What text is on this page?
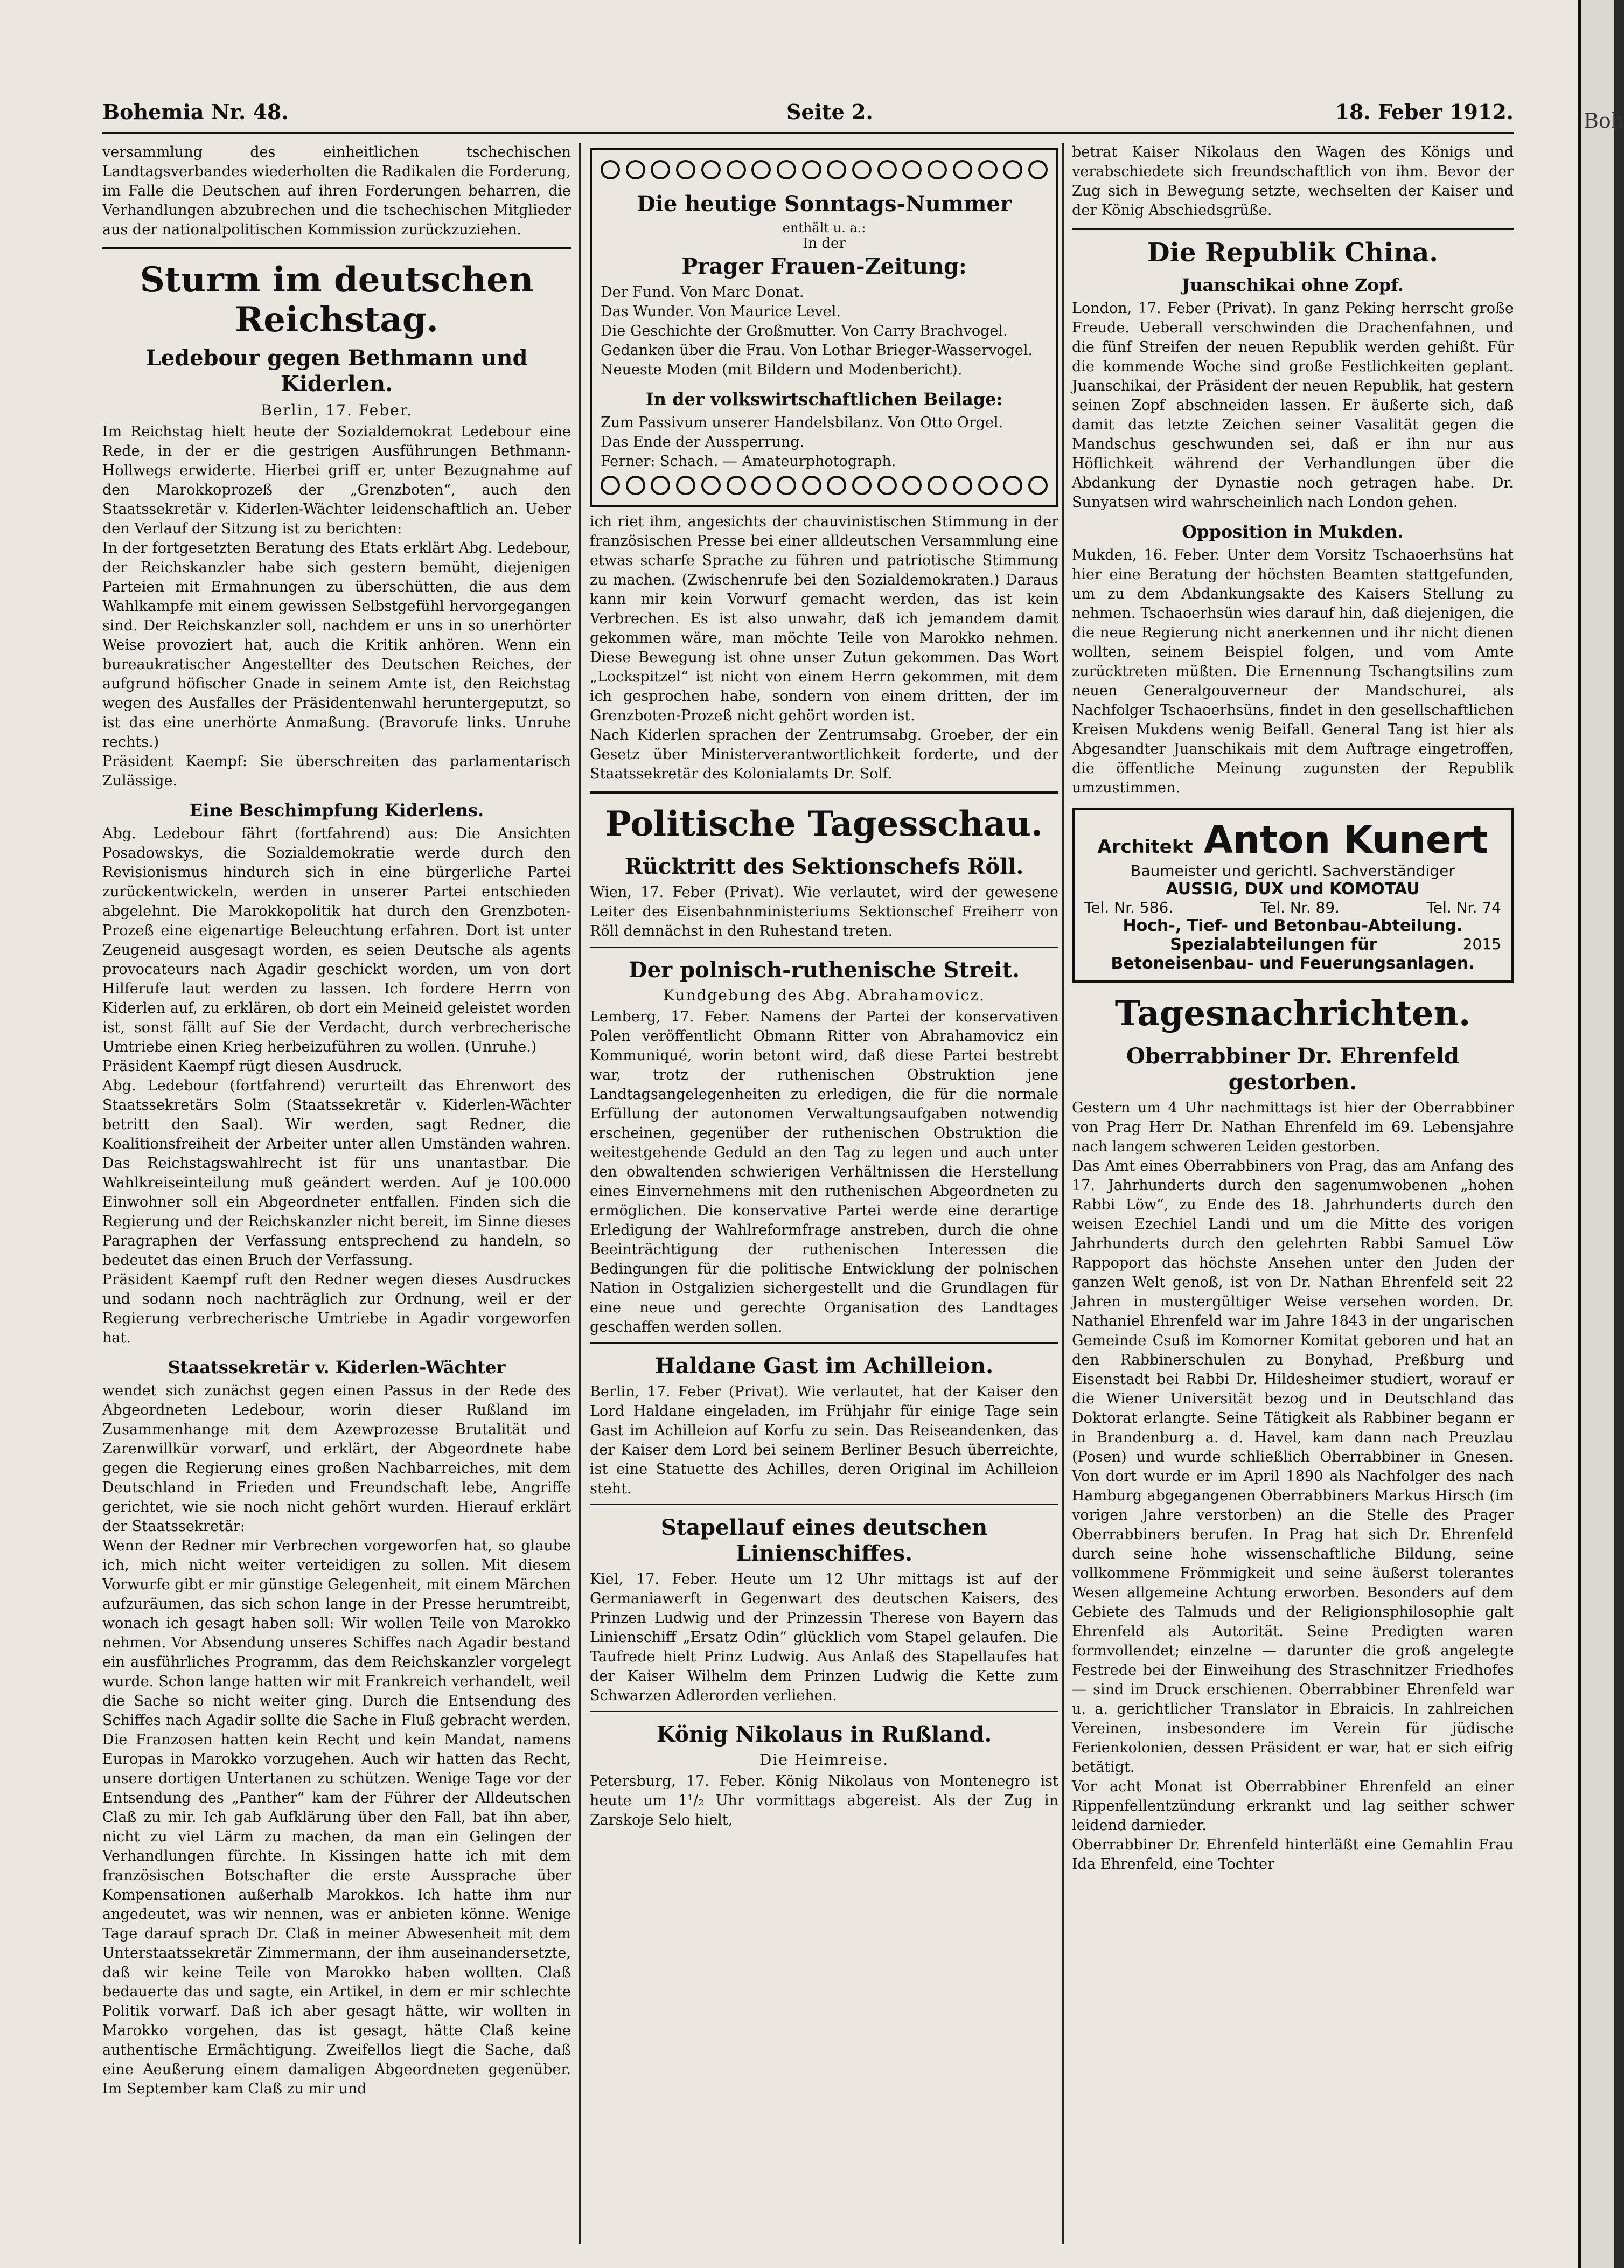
Bohemia Nr. 48.	Seite 2.	18. Feber 1912.

versammlung des einheitlichen tschechischen Landtagsverbandes wiederholten die Radikalen die Forderung, im Falle die Deutschen auf ihren Forderungen beharren, die Verhandlungen abzubrechen und die tschechischen Mitglieder aus der nationalpolitischen Kommission zurückzuziehen.

Sturm im deutschen Reichstag.
Ledebour gegen Bethmann und Kiderlen.
Berlin, 17. Feber.

Im Reichstag hielt heute der Sozialdemokrat Ledebour eine Rede, in der er die gestrigen Ausführungen Bethmann-Hollwegs erwiderte. Hierbei griff er, unter Bezugnahme auf den Marokkoprozeß der „Grenzboten“, auch den Staatssekretär v. Kiderlen-Wächter leidenschaftlich an. Ueber den Verlauf der Sitzung ist zu berichten:

In der fortgesetzten Beratung des Etats erklärt Abg. Ledebour, der Reichskanzler habe sich gestern bemüht, diejenigen Parteien mit Ermahnungen zu überschütten, die aus dem Wahlkampfe mit einem gewissen Selbstgefühl hervorgegangen sind. Der Reichskanzler soll, nachdem er uns in so unerhörter Weise provoziert hat, auch die Kritik anhören. Wenn ein bureaukratischer Angestellter des Deutschen Reiches, der aufgrund höfischer Gnade in seinem Amte ist, den Reichstag wegen des Ausfalles der Präsidentenwahl heruntergeputzt, so ist das eine unerhörte Anmaßung. (Bravorufe links. Unruhe rechts.)

Präsident Kaempf: Sie überschreiten das parlamentarisch Zulässige.

Eine Beschimpfung Kiderlens.

Abg. Ledebour fährt (fortfahrend) aus: Die Ansichten Posadowskys, die Sozialdemokratie werde durch den Revisionismus hindurch sich in eine bürgerliche Partei zurückentwickeln, werden in unserer Partei entschieden abgelehnt. Die Marokkopolitik hat durch den Grenzboten-Prozeß eine eigenartige Beleuchtung erfahren. Dort ist unter Zeugeneid ausgesagt worden, es seien Deutsche als agents provocateurs nach Agadir geschickt worden, um von dort Hilferufe laut werden zu lassen. Ich fordere Herrn von Kiderlen auf, zu erklären, ob dort ein Meineid geleistet worden ist, sonst fällt auf Sie der Verdacht, durch verbrecherische Umtriebe einen Krieg herbeizuführen zu wollen. (Unruhe.)

Präsident Kaempf rügt diesen Ausdruck.

Abg. Ledebour (fortfahrend) verurteilt das Ehrenwort des Staatssekretärs Solm (Staatssekretär v. Kiderlen-Wächter betritt den Saal). Wir werden, sagt Redner, die Koalitionsfreiheit der Arbeiter unter allen Umständen wahren. Das Reichstagswahlrecht ist für uns unantastbar. Die Wahlkreiseinteilung muß geändert werden. Auf je 100.000 Einwohner soll ein Abgeordneter entfallen. Finden sich die Regierung und der Reichskanzler nicht bereit, im Sinne dieses Paragraphen der Verfassung entsprechend zu handeln, so bedeutet das einen Bruch der Verfassung.

Präsident Kaempf ruft den Redner wegen dieses Ausdruckes und sodann noch nachträglich zur Ordnung, weil er der Regierung verbrecherische Umtriebe in Agadir vorgeworfen hat.

Staatssekretär v. Kiderlen-Wächter

wendet sich zunächst gegen einen Passus in der Rede des Abgeordneten Ledebour, worin dieser Rußland im Zusammenhange mit dem Azewprozesse Brutalität und Zarenwillkür vorwarf, und erklärt, der Abgeordnete habe gegen die Regierung eines großen Nachbarreiches, mit dem Deutschland in Frieden und Freundschaft lebe, Angriffe gerichtet, wie sie noch nicht gehört wurden. Hierauf erklärt der Staatssekretär:

Wenn der Redner mir Verbrechen vorgeworfen hat, so glaube ich, mich nicht weiter verteidigen zu sollen. Mit diesem Vorwurfe gibt er mir günstige Gelegenheit, mit einem Märchen aufzuräumen, das sich schon lange in der Presse herumtreibt, wonach ich gesagt haben soll: Wir wollen Teile von Marokko nehmen. Vor Absendung unseres Schiffes nach Agadir bestand ein ausführliches Programm, das dem Reichskanzler vorgelegt wurde. Schon lange hatten wir mit Frankreich verhandelt, weil die Sache so nicht weiter ging. Durch die Entsendung des Schiffes nach Agadir sollte die Sache in Fluß gebracht werden. Die Franzosen hatten kein Recht und kein Mandat, namens Europas in Marokko vorzugehen. Auch wir hatten das Recht, unsere dortigen Untertanen zu schützen. Wenige Tage vor der Entsendung des „Panther“ kam der Führer der Alldeutschen Claß zu mir. Ich gab Aufklärung über den Fall, bat ihn aber, nicht zu viel Lärm zu machen, da man ein Gelingen der Verhandlungen fürchte. In Kissingen hatte ich mit dem französischen Botschafter die erste Aussprache über Kompensationen außerhalb Marokkos. Ich hatte ihm nur angedeutet, was wir nennen, was er anbieten könne. Wenige Tage darauf sprach Dr. Claß in meiner Abwesenheit mit dem Unterstaatssekretär Zimmermann, der ihm auseinandersetzte, daß wir keine Teile von Marokko haben wollten. Claß bedauerte das und sagte, ein Artikel, in dem er mir schlechte Politik vorwarf. Daß ich aber gesagt hätte, wir wollten in Marokko vorgehen, das ist gesagt, hätte Claß keine authentische Ermächtigung. Zweifellos liegt die Sache, daß eine Aeußerung einem damaligen Abgeordneten gegenüber. Im September kam Claß zu mir und

Die heutige Sonntags-Nummer
enthält u. a.:
In der
Prager Frauen-Zeitung:

Der Fund. Von Marc Donat.

Das Wunder. Von Maurice Level.

Die Geschichte der Großmutter. Von Carry Brachvogel.

Gedanken über die Frau. Von Lothar Brieger-Wasservogel.

Neueste Moden (mit Bildern und Modenbericht).

In der volkswirtschaftlichen Beilage:

Zum Passivum unserer Handelsbilanz. Von Otto Orgel.

Das Ende der Aussperrung.

Ferner: Schach. — Amateurphotograph.

ich riet ihm, angesichts der chauvinistischen Stimmung in der französischen Presse bei einer alldeutschen Versammlung eine etwas scharfe Sprache zu führen und patriotische Stimmung zu machen. (Zwischenrufe bei den Sozialdemokraten.) Daraus kann mir kein Vorwurf gemacht werden, das ist kein Verbrechen. Es ist also unwahr, daß ich jemandem damit gekommen wäre, man möchte Teile von Marokko nehmen. Diese Bewegung ist ohne unser Zutun gekommen. Das Wort „Lockspitzel“ ist nicht von einem Herrn gekommen, mit dem ich gesprochen habe, sondern von einem dritten, der im Grenzboten-Prozeß nicht gehört worden ist.

Nach Kiderlen sprachen der Zentrumsabg. Groeber, der ein Gesetz über Ministerverantwortlichkeit forderte, und der Staatssekretär des Kolonialamts Dr. Solf.

Politische Tagesschau.
Rücktritt des Sektionschefs Röll.

Wien, 17. Feber (Privat). Wie verlautet, wird der gewesene Leiter des Eisenbahnministeriums Sektionschef Freiherr von Röll demnächst in den Ruhestand treten.

Der polnisch-ruthenische Streit.
Kundgebung des Abg. Abrahamovicz.

Lemberg, 17. Feber. Namens der Partei der konservativen Polen veröffentlicht Obmann Ritter von Abrahamovicz ein Kommuniqué, worin betont wird, daß diese Partei bestrebt war, trotz der ruthenischen Obstruktion jene Landtagsangelegenheiten zu erledigen, die für die normale Erfüllung der autonomen Verwaltungsaufgaben notwendig erscheinen, gegenüber der ruthenischen Obstruktion die weitestgehende Geduld an den Tag zu legen und auch unter den obwaltenden schwierigen Verhältnissen die Herstellung eines Einvernehmens mit den ruthenischen Abgeordneten zu ermöglichen. Die konservative Partei werde eine derartige Erledigung der Wahlreformfrage anstreben, durch die ohne Beeinträchtigung der ruthenischen Interessen die Bedingungen für die politische Entwicklung der polnischen Nation in Ostgalizien sichergestellt und die Grundlagen für eine neue und gerechte Organisation des Landtages geschaffen werden sollen.

Haldane Gast im Achilleion.

Berlin, 17. Feber (Privat). Wie verlautet, hat der Kaiser den Lord Haldane eingeladen, im Frühjahr für einige Tage sein Gast im Achilleion auf Korfu zu sein. Das Reiseandenken, das der Kaiser dem Lord bei seinem Berliner Besuch überreichte, ist eine Statuette des Achilles, deren Original im Achilleion steht.

Stapellauf eines deutschen Linienschiffes.

Kiel, 17. Feber. Heute um 12 Uhr mittags ist auf der Germaniawerft in Gegenwart des deutschen Kaisers, des Prinzen Ludwig und der Prinzessin Therese von Bayern das Linienschiff „Ersatz Odin“ glücklich vom Stapel gelaufen. Die Taufrede hielt Prinz Ludwig. Aus Anlaß des Stapellaufes hat der Kaiser Wilhelm dem Prinzen Ludwig die Kette zum Schwarzen Adlerorden verliehen.

König Nikolaus in Rußland.
Die Heimreise.

Petersburg, 17. Feber. König Nikolaus von Montenegro ist heute um 1¹/₂ Uhr vormittags abgereist. Als der Zug in Zarskoje Selo hielt,

betrat Kaiser Nikolaus den Wagen des Königs und verabschiedete sich freundschaftlich von ihm. Bevor der Zug sich in Bewegung setzte, wechselten der Kaiser und der König Abschiedsgrüße.

Die Republik China.
Juanschikai ohne Zopf.

London, 17. Feber (Privat). In ganz Peking herrscht große Freude. Ueberall verschwinden die Drachenfahnen, und die fünf Streifen der neuen Republik werden gehißt. Für die kommende Woche sind große Festlichkeiten geplant. Juanschikai, der Präsident der neuen Republik, hat gestern seinen Zopf abschneiden lassen. Er äußerte sich, daß damit das letzte Zeichen seiner Vasalität gegen die Mandschus geschwunden sei, daß er ihn nur aus Höflichkeit während der Verhandlungen über die Abdankung der Dynastie noch getragen habe. Dr. Sunyatsen wird wahrscheinlich nach London gehen.

Opposition in Mukden.

Mukden, 16. Feber. Unter dem Vorsitz Tschaoerhsüns hat hier eine Beratung der höchsten Beamten stattgefunden, um zu dem Abdankungsakte des Kaisers Stellung zu nehmen. Tschaoerhsün wies darauf hin, daß diejenigen, die die neue Regierung nicht anerkennen und ihr nicht dienen wollten, seinem Beispiel folgen, und vom Amte zurücktreten müßten. Die Ernennung Tschangtsilins zum neuen Generalgouverneur der Mandschurei, als Nachfolger Tschaoerhsüns, findet in den gesellschaftlichen Kreisen Mukdens wenig Beifall. General Tang ist hier als Abgesandter Juanschikais mit dem Auftrage eingetroffen, die öffentliche Meinung zugunsten der Republik umzustimmen.

Architekt Anton Kunert
Baumeister und gerichtl. Sachverständiger
AUSSIG, DUX und KOMOTAU
Tel. Nr. 586.	Tel. Nr. 89.	Tel. Nr. 74
Hoch-, Tief- und Betonbau-Abteilung.
Spezialabteilungen für	2015
Betoneisenbau- und Feuerungsanlagen.
Tagesnachrichten.
Oberrabbiner Dr. Ehrenfeld gestorben.

Gestern um 4 Uhr nachmittags ist hier der Oberrabbiner von Prag Herr Dr. Nathan Ehrenfeld im 69. Lebensjahre nach langem schweren Leiden gestorben.

Das Amt eines Oberrabbiners von Prag, das am Anfang des 17. Jahrhunderts durch den sagenumwobenen „hohen Rabbi Löw“, zu Ende des 18. Jahrhunderts durch den weisen Ezechiel Landi und um die Mitte des vorigen Jahrhunderts durch den gelehrten Rabbi Samuel Löw Rappoport das höchste Ansehen unter den Juden der ganzen Welt genoß, ist von Dr. Nathan Ehrenfeld seit 22 Jahren in mustergültiger Weise versehen worden. Dr. Nathaniel Ehrenfeld war im Jahre 1843 in der ungarischen Gemeinde Csuß im Komorner Komitat geboren und hat an den Rabbinerschulen zu Bonyhad, Preßburg und Eisenstadt bei Rabbi Dr. Hildesheimer studiert, worauf er die Wiener Universität bezog und in Deutschland das Doktorat erlangte. Seine Tätigkeit als Rabbiner begann er in Brandenburg a. d. Havel, kam dann nach Preuzlau (Posen) und wurde schließlich Oberrabbiner in Gnesen. Von dort wurde er im April 1890 als Nachfolger des nach Hamburg abgegangenen Oberrabbiners Markus Hirsch (im vorigen Jahre verstorben) an die Stelle des Prager Oberrabbiners berufen. In Prag hat sich Dr. Ehrenfeld durch seine hohe wissenschaftliche Bildung, seine vollkommene Frömmigkeit und seine äußerst tolerantes Wesen allgemeine Achtung erworben. Besonders auf dem Gebiete des Talmuds und der Religionsphilosophie galt Ehrenfeld als Autorität. Seine Predigten waren formvollendet; einzelne — darunter die groß angelegte Festrede bei der Einweihung des Straschnitzer Friedhofes — sind im Druck erschienen. Oberrabbiner Ehrenfeld war u. a. gerichtlicher Translator in Ebraicis. In zahlreichen Vereinen, insbesondere im Verein für jüdische Ferienkolonien, dessen Präsident er war, hat er sich eifrig betätigt.

Vor acht Monat ist Oberrabbiner Ehrenfeld an einer Rippenfellentzündung erkrankt und lag seither schwer leidend darnieder.

Oberrabbiner Dr. Ehrenfeld hinterläßt eine Gemahlin Frau Ida Ehrenfeld, eine Tochter

Boh
